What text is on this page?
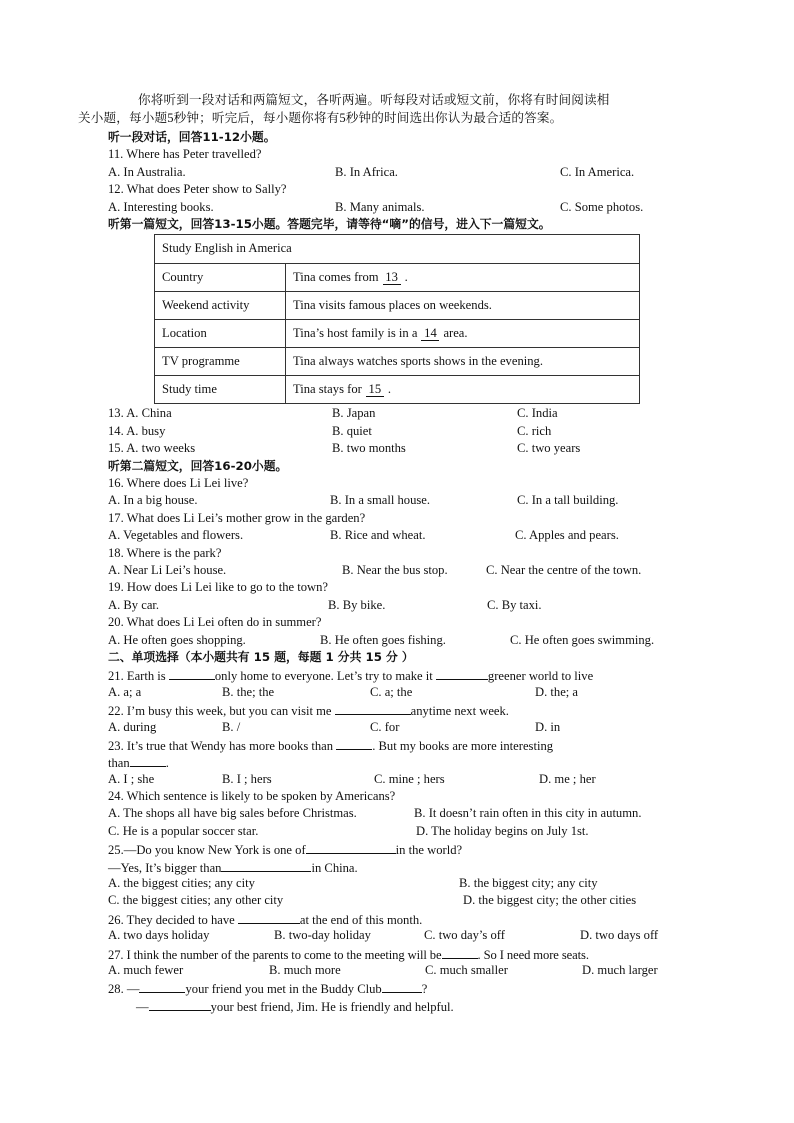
你将听到一段对话和两篇短文，各听两遍。听每段对话或短文前，你将有时间阅读相
关小题，每小题5秒钟；听完后，每小题你将有5秒钟的时间选出你认为最合适的答案。
听一段对话，回答11-12小题。
11. Where has Peter travelled?
A. In Australia.	B. In Africa.	C. In America.
12. What does Peter show to Sally?
A. Interesting books.	B. Many animals.	C. Some photos.
听第一篇短文，回答13-15小题。答题完毕，请等待“嘀”的信号，进入下一篇短文。
Study English in America	
Country	Tina comes from 13 .
Weekend activity	Tina visits famous places on weekends.
Location	Tina’s host family is in a 14 area.
TV programme	Tina always watches sports shows in the evening.
Study time	Tina stays for 15 .
13. A. China	B. Japan	C. India
14. A. busy	B. quiet	C. rich
15. A. two weeks	B. two months	C. two years
听第二篇短文，回答16-20小题。
16. Where does Li Lei live?
A. In a big house.	B. In a small house.	C. In a tall building.
17. What does Li Lei’s mother grow in the garden?
A. Vegetables and flowers.	B. Rice and wheat.	C. Apples and pears.
18. Where is the park?
A. Near Li Lei’s house.	B. Near the bus stop.	C. Near the centre of the town.
19. How does Li Lei like to go to the town?
A. By car.	B. By bike.	C. By taxi.
20. What does Li Lei often do in summer?
A. He often goes shopping.	B. He often goes fishing.	C. He often goes swimming.
二、单项选择（本小题共有 15 题，每题 1 分共 15 分 ）
21. Earth is	only home to everyone. Let’s try to make it	greener world to live
A. a; a	B. the; the	C. a; the	D. the; a
22. I’m busy this week, but you can visit me	anytime next week.
A. during	B. /	C. for	D. in
23. It’s true that Wendy has more books than	. But my books are more interesting
than	.
A. I ; she	B. I ; hers	C. mine ; hers	D. me ; her
24. Which sentence is likely to be spoken by Americans?
A. The shops all have big sales before Christmas.	B. It doesn’t rain often in this city in autumn.
C. He is a popular soccer star.	D. The holiday begins on July 1st.
25.—Do you know New York is one of	in the world?
—Yes, It’s bigger than	in China.
A. the biggest cities; any city	B. the biggest city; any city
C. the biggest cities; any other city	D. the biggest city; the other cities
26. They decided to have	at the end of this month.
A. two days holiday	B. two-day holiday	C. two day’s off	D. two days off
27. I think the number of the parents to come to the meeting will be	. So I need more seats.
A. much fewer	B. much more	C. much smaller	D. much larger
28. —	your friend you met in the Buddy Club	?
—	your best friend, Jim. He is friendly and helpful.
